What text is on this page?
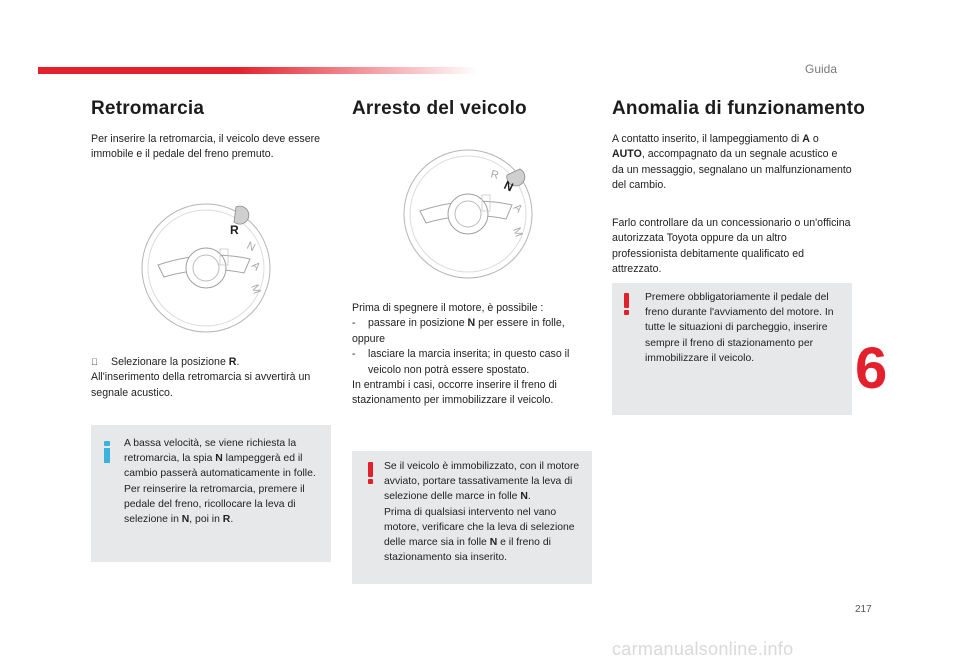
Guida
Retromarcia
Per inserire la retromarcia, il veicolo deve essere immobile e il pedale del freno premuto.
R
N
A
M
Selezionare la posizione R.
All'inserimento della retromarcia si avvertirà un segnale acustico.
A bassa velocità, se viene richiesta la retromarcia, la spia N lampeggerà ed il cambio passerà automaticamente in folle. Per reinserire la retromarcia, premere il pedale del freno, ricollocare la leva di selezione in N, poi in R.
Arresto del veicolo
R
N
A
M
Prima di spegnere il motore, è possibile :
-	passare in posizione N per essere in folle,
oppure
-	lasciare la marcia inserita; in questo caso il veicolo non potrà essere spostato.
In entrambi i casi, occorre inserire il freno di stazionamento per immobilizzare il veicolo.
Se il veicolo è immobilizzato, con il motore avviato, portare tassativamente la leva di selezione delle marce in folle N.
Prima di qualsiasi intervento nel vano motore, verificare che la leva di selezione delle marce sia in folle N e il freno di stazionamento sia inserito.
Anomalia di funzionamento
A contatto inserito, il lampeggiamento di A o AUTO, accompagnato da un segnale acustico e da un messaggio, segnalano un malfunzionamento del cambio.
Farlo controllare da un concessionario o un'officina autorizzata Toyota oppure da un altro professionista debitamente qualificato ed attrezzato.
Premere obbligatoriamente il pedale del freno durante l'avviamento del motore. In tutte le situazioni di parcheggio, inserire sempre il freno di stazionamento per immobilizzare il veicolo.	6
217
carmanualsonline.info
